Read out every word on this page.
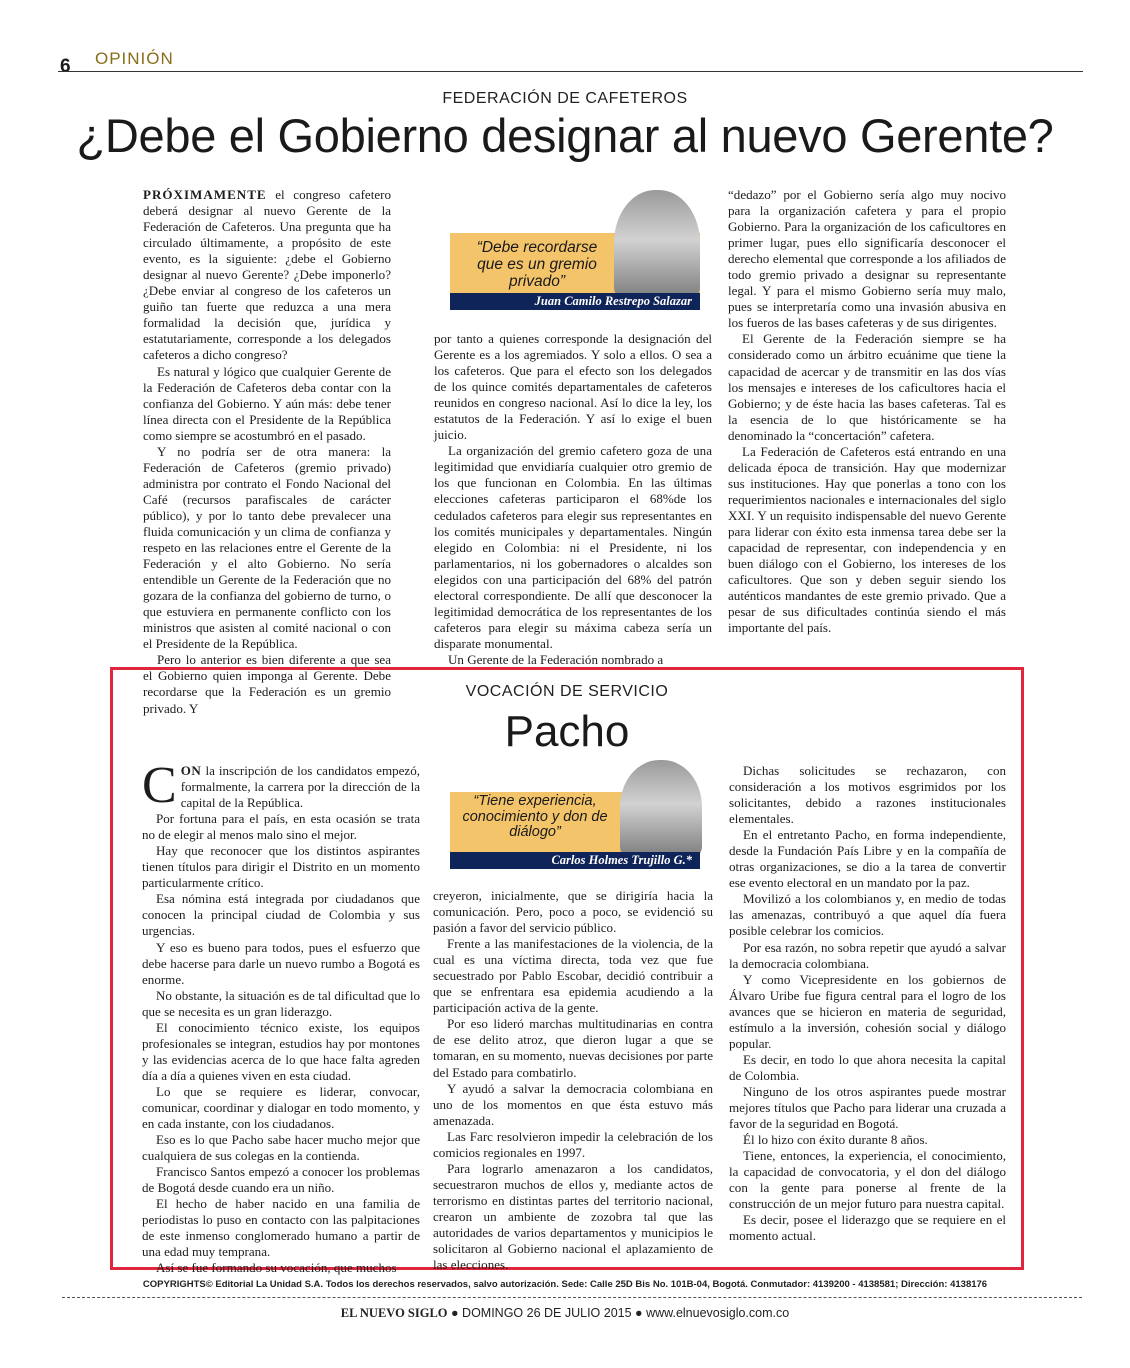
6 OPINIÓN
FEDERACIÓN DE CAFETEROS
¿Debe el Gobierno designar al nuevo Gerente?

PRÓXIMAMENTE el congreso cafetero deberá designar al nuevo Gerente de la Federación de Cafeteros. Una pregunta que ha circulado últimamente, a propósito de este evento, es la siguiente: ¿debe el Gobierno designar al nuevo Gerente? ¿Debe imponerlo? ¿Debe enviar al congreso de los cafeteros un guiño tan fuerte que reduzca a una mera formalidad la decisión que, jurídica y estatutariamente, corresponde a los delegados cafeteros a dicho congreso?

Es natural y lógico que cualquier Gerente de la Federación de Cafeteros deba contar con la confianza del Gobierno. Y aún más: debe tener línea directa con el Presidente de la República como siempre se acostumbró en el pasado.

Y no podría ser de otra manera: la Federación de Cafeteros (gremio privado) administra por contrato el Fondo Nacional del Café (recursos parafiscales de carácter público), y por lo tanto debe prevalecer una fluida comunicación y un clima de confianza y respeto en las relaciones entre el Gerente de la Federación y el alto Gobierno. No sería entendible un Gerente de la Federación que no gozara de la confianza del gobierno de turno, o que estuviera en permanente conflicto con los ministros que asisten al comité nacional o con el Presidente de la República.

Pero lo anterior es bien diferente a que sea el Gobierno quien imponga al Gerente. Debe recordarse que la Federación es un gremio privado. Y

“Debe recordarse que es un gremio privado”
Juan Camilo Restrepo Salazar

por tanto a quienes corresponde la designación del Gerente es a los agremiados. Y solo a ellos. O sea a los cafeteros. Que para el efecto son los delegados de los quince comités departamentales de cafeteros reunidos en congreso nacional. Así lo dice la ley, los estatutos de la Federación. Y así lo exige el buen juicio.

La organización del gremio cafetero goza de una legitimidad que envidiaría cualquier otro gremio de los que funcionan en Colombia. En las últimas elecciones cafeteras participaron el 68%de los cedulados cafeteros para elegir sus representantes en los comités municipales y departamentales. Ningún elegido en Colombia: ni el Presidente, ni los parlamentarios, ni los gobernadores o alcaldes son elegidos con una participación del 68% del patrón electoral correspondiente. De allí que desconocer la legitimidad democrática de los representantes de los cafeteros para elegir su máxima cabeza sería un disparate monumental.

Un Gerente de la Federación nombrado a

“dedazo” por el Gobierno sería algo muy nocivo para la organización cafetera y para el propio Gobierno. Para la organización de los caficultores en primer lugar, pues ello significaría desconocer el derecho elemental que corresponde a los afiliados de todo gremio privado a designar su representante legal. Y para el mismo Gobierno sería muy malo, pues se interpretaría como una invasión abusiva en los fueros de las bases cafeteras y de sus dirigentes.

El Gerente de la Federación siempre se ha considerado como un árbitro ecuánime que tiene la capacidad de acercar y de transmitir en las dos vías los mensajes e intereses de los caficultores hacia el Gobierno; y de éste hacia las bases cafeteras. Tal es la esencia de lo que históricamente se ha denominado la “concertación” cafetera.

La Federación de Cafeteros está entrando en una delicada época de transición. Hay que modernizar sus instituciones. Hay que ponerlas a tono con los requerimientos nacionales e internacionales del siglo XXI. Y un requisito indispensable del nuevo Gerente para liderar con éxito esta inmensa tarea debe ser la capacidad de representar, con independencia y en buen diálogo con el Gobierno, los intereses de los caficultores. Que son y deben seguir siendo los auténticos mandantes de este gremio privado. Que a pesar de sus dificultades continúa siendo el más importante del país.

VOCACIÓN DE SERVICIO
Pacho

CON la inscripción de los candidatos empezó, formalmente, la carrera por la dirección de la capital de la República.

Por fortuna para el país, en esta ocasión se trata no de elegir al menos malo sino el mejor.

Hay que reconocer que los distintos aspirantes tienen títulos para dirigir el Distrito en un momento particularmente crítico.

Esa nómina está integrada por ciudadanos que conocen la principal ciudad de Colombia y sus urgencias.

Y eso es bueno para todos, pues el esfuerzo que debe hacerse para darle un nuevo rumbo a Bogotá es enorme.

No obstante, la situación es de tal dificultad que lo que se necesita es un gran liderazgo.

El conocimiento técnico existe, los equipos profesionales se integran, estudios hay por montones y las evidencias acerca de lo que hace falta agreden día a día a quienes viven en esta ciudad.

Lo que se requiere es liderar, convocar, comunicar, coordinar y dialogar en todo momento, y en cada instante, con los ciudadanos.

Eso es lo que Pacho sabe hacer mucho mejor que cualquiera de sus colegas en la contienda.

Francisco Santos empezó a conocer los problemas de Bogotá desde cuando era un niño.

El hecho de haber nacido en una familia de periodistas lo puso en contacto con las palpitaciones de este inmenso conglomerado humano a partir de una edad muy temprana.

Así se fue formando su vocación, que muchos

“Tiene experiencia, conocimiento y don de diálogo”
Carlos Holmes Trujillo G.*

creyeron, inicialmente, que se dirigiría hacia la comunicación. Pero, poco a poco, se evidenció su pasión a favor del servicio público.

Frente a las manifestaciones de la violencia, de la cual es una víctima directa, toda vez que fue secuestrado por Pablo Escobar, decidió contribuir a que se enfrentara esa epidemia acudiendo a la participación activa de la gente.

Por eso lideró marchas multitudinarias en contra de ese delito atroz, que dieron lugar a que se tomaran, en su momento, nuevas decisiones por parte del Estado para combatirlo.

Y ayudó a salvar la democracia colombiana en uno de los momentos en que ésta estuvo más amenazada.

Las Farc resolvieron impedir la celebración de los comicios regionales en 1997.

Para lograrlo amenazaron a los candidatos, secuestraron muchos de ellos y, mediante actos de terrorismo en distintas partes del territorio nacional, crearon un ambiente de zozobra tal que las autoridades de varios departamentos y municipios le solicitaron al Gobierno nacional el aplazamiento de las elecciones.

Dichas solicitudes se rechazaron, con consideración a los motivos esgrimidos por los solicitantes, debido a razones institucionales elementales.

En el entretanto Pacho, en forma independiente, desde la Fundación País Libre y en la compañía de otras organizaciones, se dio a la tarea de convertir ese evento electoral en un mandato por la paz.

Movilizó a los colombianos y, en medio de todas las amenazas, contribuyó a que aquel día fuera posible celebrar los comicios.

Por esa razón, no sobra repetir que ayudó a salvar la democracia colombiana.

Y como Vicepresidente en los gobiernos de Álvaro Uribe fue figura central para el logro de los avances que se hicieron en materia de seguridad, estímulo a la inversión, cohesión social y diálogo popular.

Es decir, en todo lo que ahora necesita la capital de Colombia.

Ninguno de los otros aspirantes puede mostrar mejores títulos que Pacho para liderar una cruzada a favor de la seguridad en Bogotá.

Él lo hizo con éxito durante 8 años.

Tiene, entonces, la experiencia, el conocimiento, la capacidad de convocatoria, y el don del diálogo con la gente para ponerse al frente de la construcción de un mejor futuro para nuestra capital.

Es decir, posee el liderazgo que se requiere en el momento actual.

COPYRIGHTS© Editorial La Unidad S.A. Todos los derechos reservados, salvo autorización. Sede: Calle 25D Bis No. 101B-04, Bogotá. Conmutador: 4139200 - 4138581; Dirección: 4138176
EL NUEVO SIGLO ● DOMINGO 26 DE JULIO 2015 ● www.elnuevosiglo.com.co
